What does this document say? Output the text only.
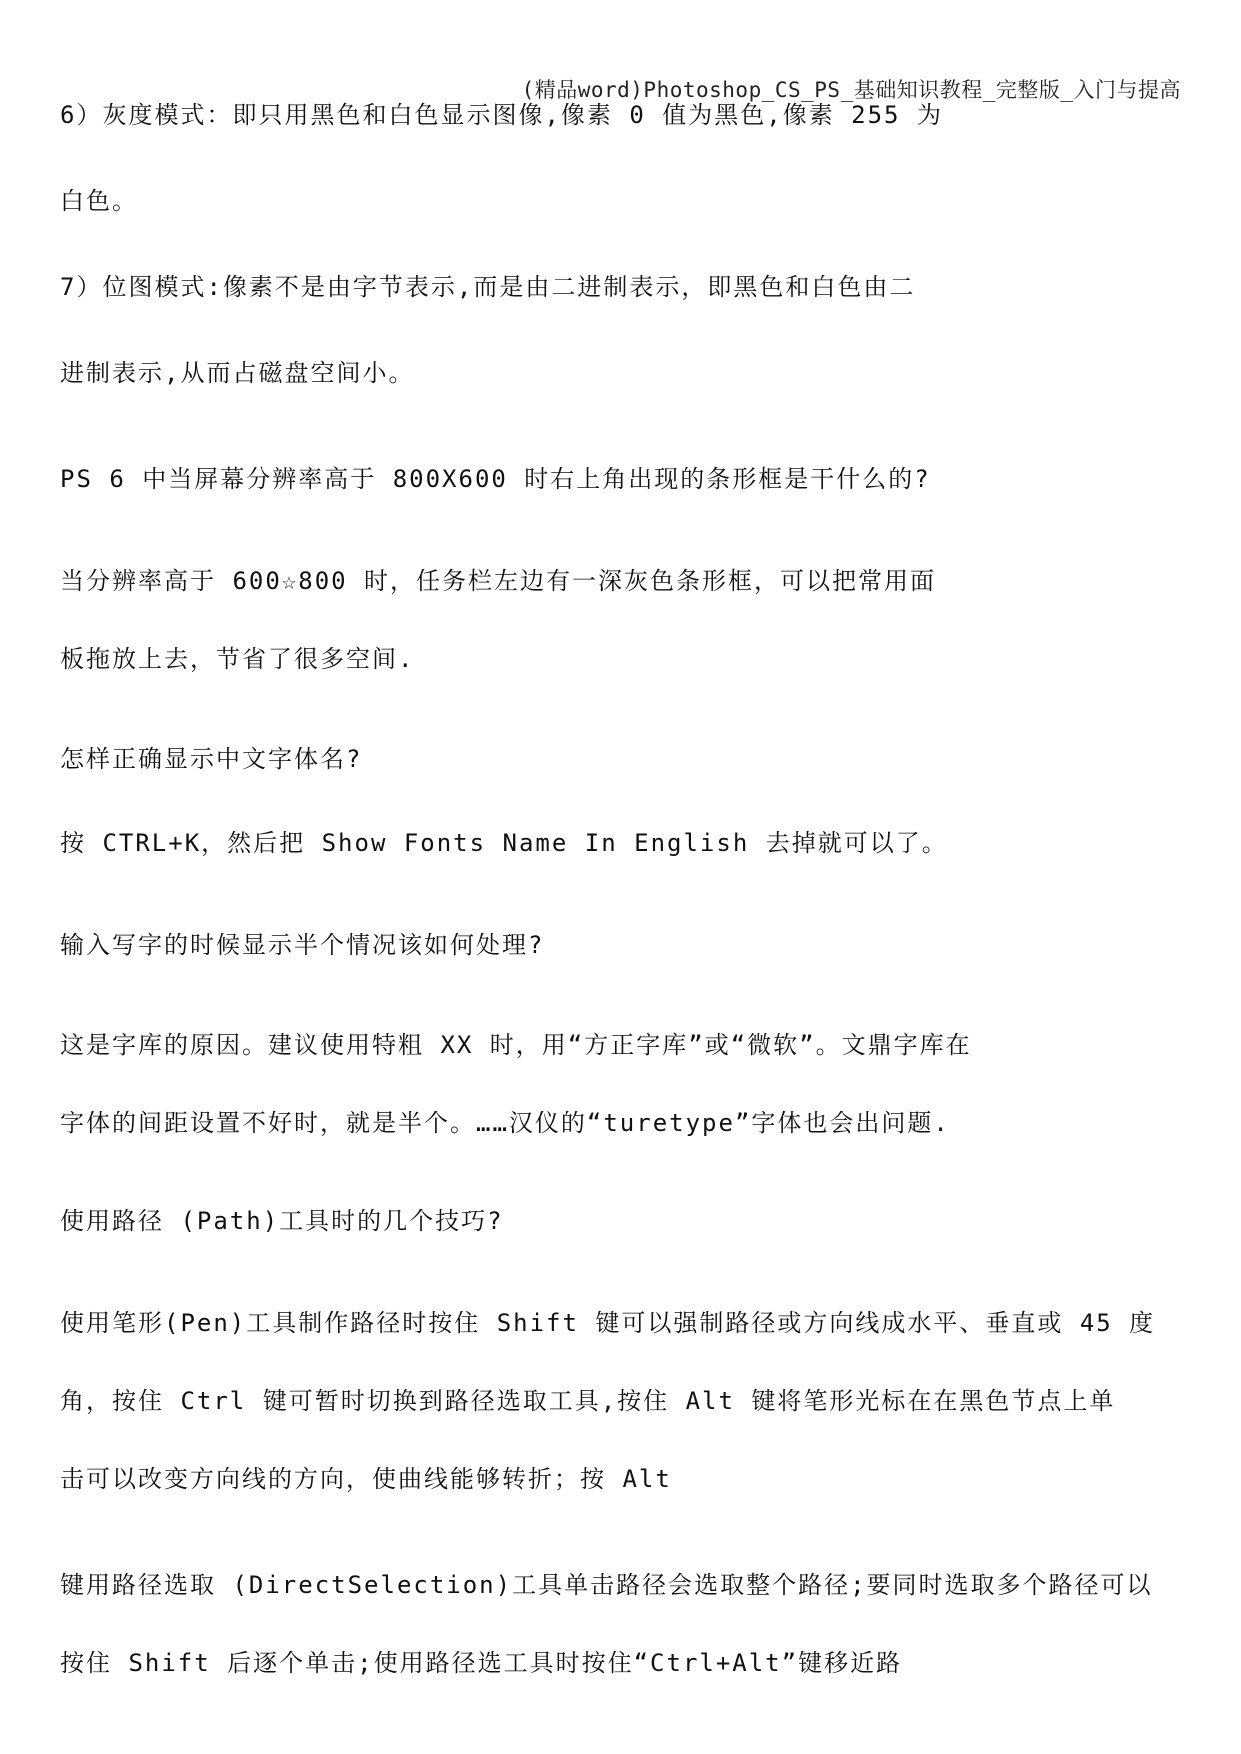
(精品word)Photoshop_CS_PS_基础知识教程_完整版_入门与提高
6）灰度模式：即只用黑色和白色显示图像,像素 0 值为黑色,像素 255 为
白色。
7）位图模式:像素不是由字节表示,而是由二进制表示，即黑色和白色由二
进制表示,从而占磁盘空间小。
PS 6 中当屏幕分辨率高于 800X600 时右上角出现的条形框是干什么的?
当分辨率高于 600☆800 时，任务栏左边有一深灰色条形框，可以把常用面
板拖放上去，节省了很多空间.
怎样正确显示中文字体名?
按 CTRL+K，然后把 Show Fonts Name In English 去掉就可以了。
输入写字的时候显示半个情况该如何处理?
这是字库的原因。建议使用特粗 XX 时，用“方正字库”或“微软”。文鼎字库在
字体的间距设置不好时，就是半个。……汉仪的“turetype”字体也会出问题.
使用路径 (Path)工具时的几个技巧?
使用笔形(Pen)工具制作路径时按住 Shift 键可以强制路径或方向线成水平、垂直或 45 度
角，按住 Ctrl 键可暂时切换到路径选取工具,按住 Alt 键将笔形光标在在黑色节点上单
击可以改变方向线的方向，使曲线能够转折；按 Alt
键用路径选取 (DirectSelection)工具单击路径会选取整个路径;要同时选取多个路径可以
按住 Shift 后逐个单击;使用路径选工具时按住“Ctrl+Alt”键移近路
